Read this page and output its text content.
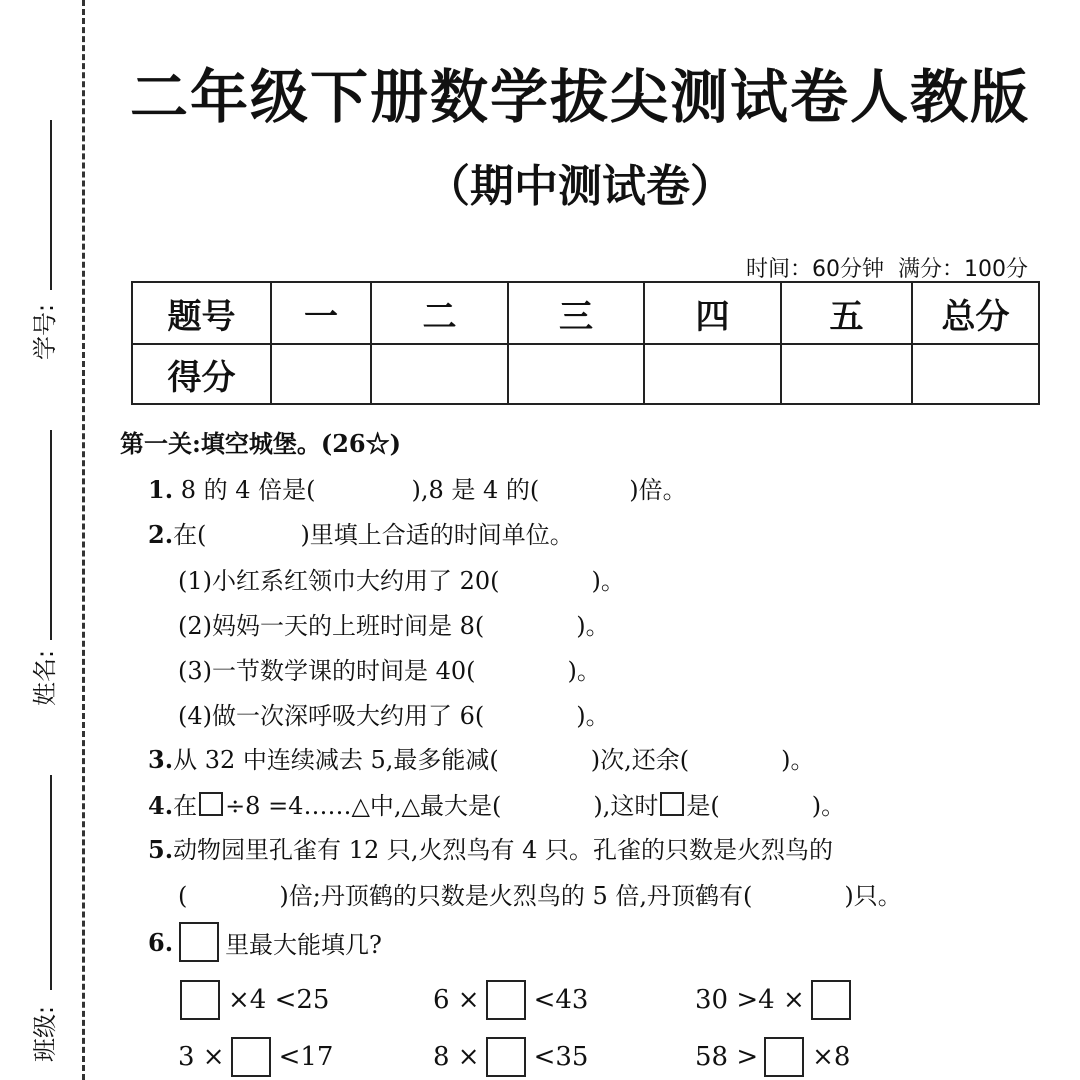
学号:
姓名:
班级:
二年级下册数学拔尖测试卷人教版
（期中测试卷）
时间：60分钟 满分：100分
题号	一	二	三	四	五	总分
得分						
第一关:填空城堡。(26☆)
1. 8 的 4 倍是(	),8 是 4 的(	)倍。
2.在(	)里填上合适的时间单位。
(1)小红系红领巾大约用了 20(	)。
(2)妈妈一天的上班时间是 8(	)。
(3)一节数学课的时间是 40(	)。
(4)做一次深呼吸大约用了 6(	)。
3.从 32 中连续减去 5,最多能减(	)次,还余(	)。
4.在 ÷8 =4……△中,△最大是(	),这时 是(	)。
5.动物园里孔雀有 12 只,火烈鸟有 4 只。孔雀的只数是火烈鸟的
(	)倍;丹顶鹤的只数是火烈鸟的 5 倍,丹顶鹤有(	)只。
6. 里最大能填几?
×4 <25	6 × <43	30 >4 ×
3 × <17	8 × <35	58 > ×8
